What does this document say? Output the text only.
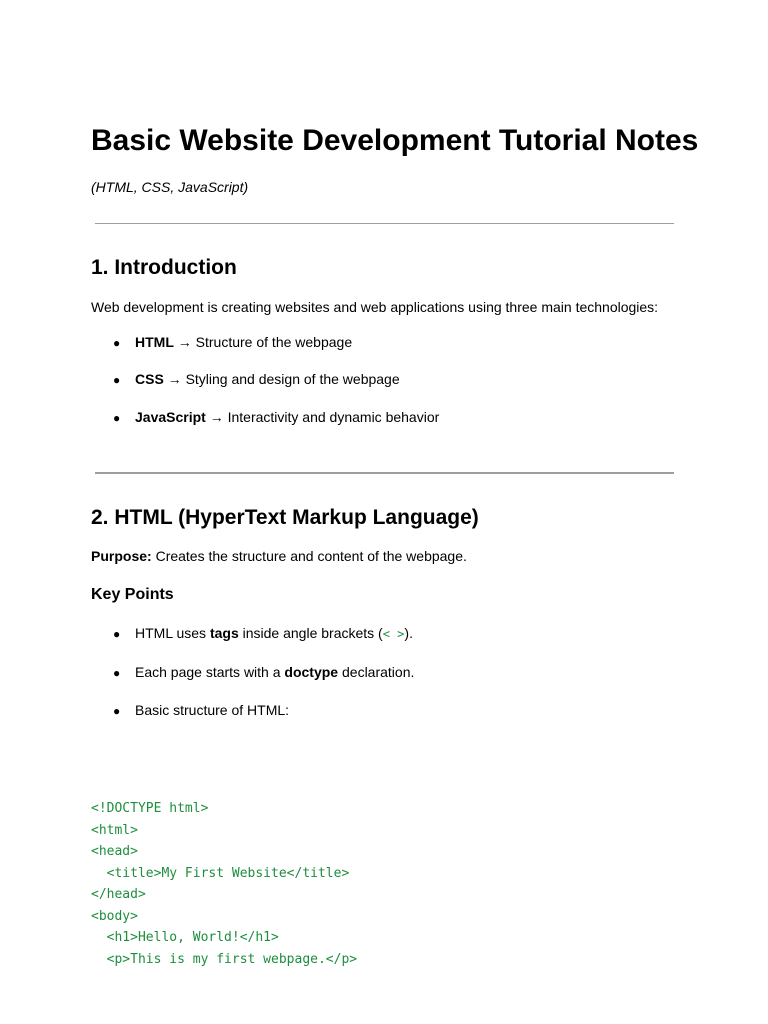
Basic Website Development Tutorial Notes

(HTML, CSS, JavaScript)

1. Introduction

Web development is creating websites and web applications using three main technologies:

● HTML → Structure of the webpage
● CSS → Styling and design of the webpage
● JavaScript → Interactivity and dynamic behavior
2. HTML (HyperText Markup Language)

Purpose: Creates the structure and content of the webpage.

Key Points
● HTML uses tags inside angle brackets (< >).
● Each page starts with a doctype declaration.
● Basic structure of HTML:

<!DOCTYPE html>
<html>
<head>
<title>My First Website</title>
</head>
<body>
<h1>Hello, World!</h1>
<p>This is my first webpage.</p>
